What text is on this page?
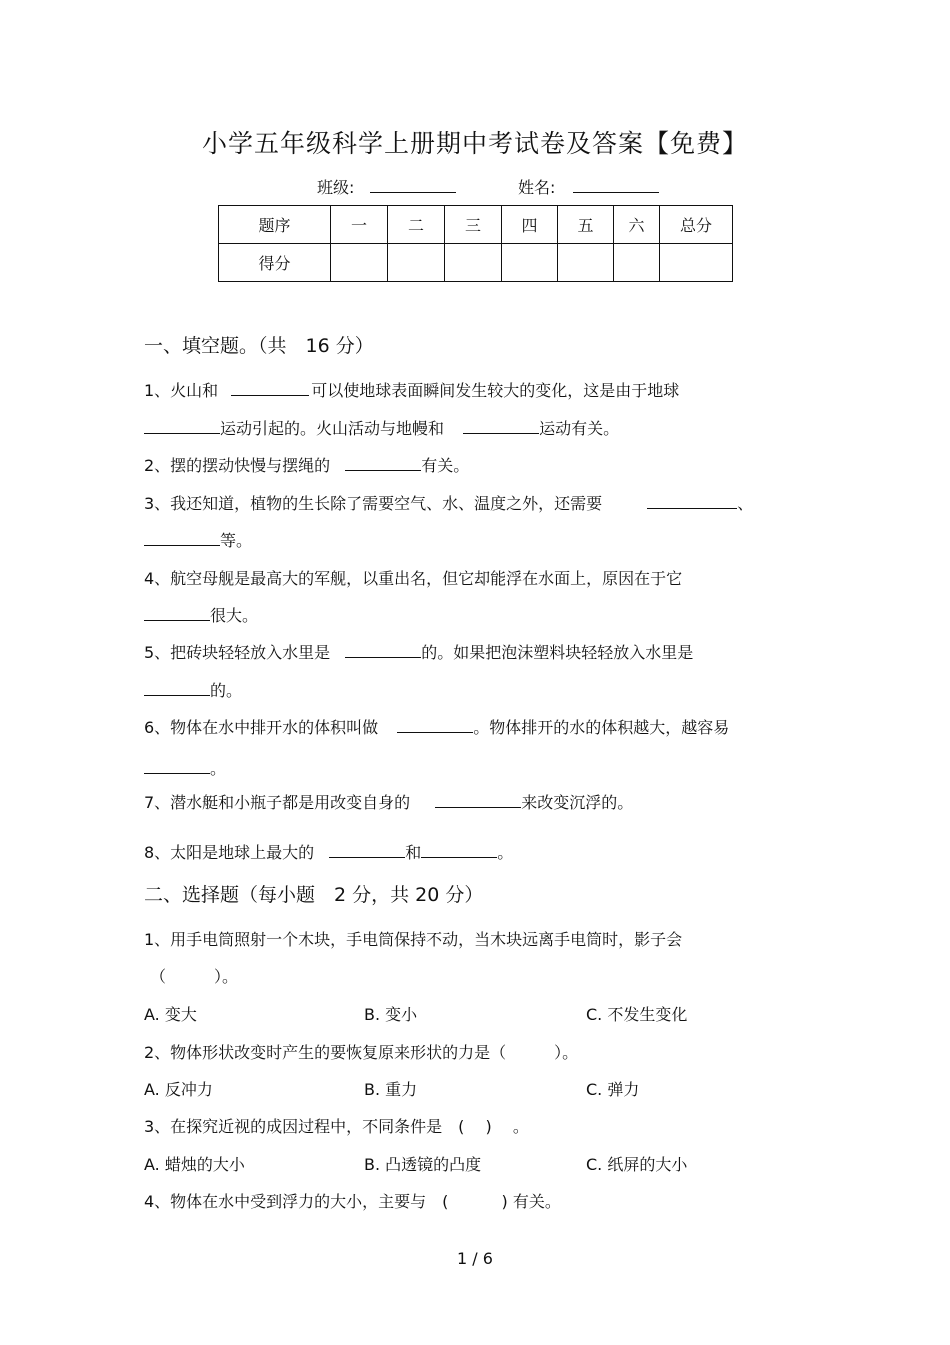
小学五年级科学上册期中考试卷及答案【免费】
班级:	姓名:
题序	一	二	三	四	五	六	总分
得分							
一、填空题。（共　16 分）
1、火山和	可以使地球表面瞬间发生较大的变化，这是由于地球
运动引起的。火山活动与地幔和	运动有关。
2、摆的摆动快慢与摆绳的	有关。
3、我还知道，植物的生长除了需要空气、水、温度之外，还需要	、
等。
4、航空母舰是最高大的军舰，以重出名，但它却能浮在水面上，原因在于它
很大。
5、把砖块轻轻放入水里是	的。如果把泡沫塑料块轻轻放入水里是
的。
6、物体在水中排开水的体积叫做	。物体排开的水的体积越大，越容易
。
7、潜水艇和小瓶子都是用改变自身的	来改变沉浮的。
8、太阳是地球上最大的	和	。
二、选择题（每小题　2 分，共 20 分）
1、用手电筒照射一个木块，手电筒保持不动，当木块远离手电筒时，影子会
（　　　）。
A. 变大	B. 变小	C. 不发生变化
2、物体形状改变时产生的要恢复原来形状的力是（　　　）。
A. 反冲力	B. 重力	C. 弹力
3、在探究近视的成因过程中，不同条件是　(　 )　 。
A. 蜡烛的大小	B. 凸透镜的凸度	C. 纸屏的大小
4、物体在水中受到浮力的大小，主要与　(　　　 ) 有关。
1 / 6
